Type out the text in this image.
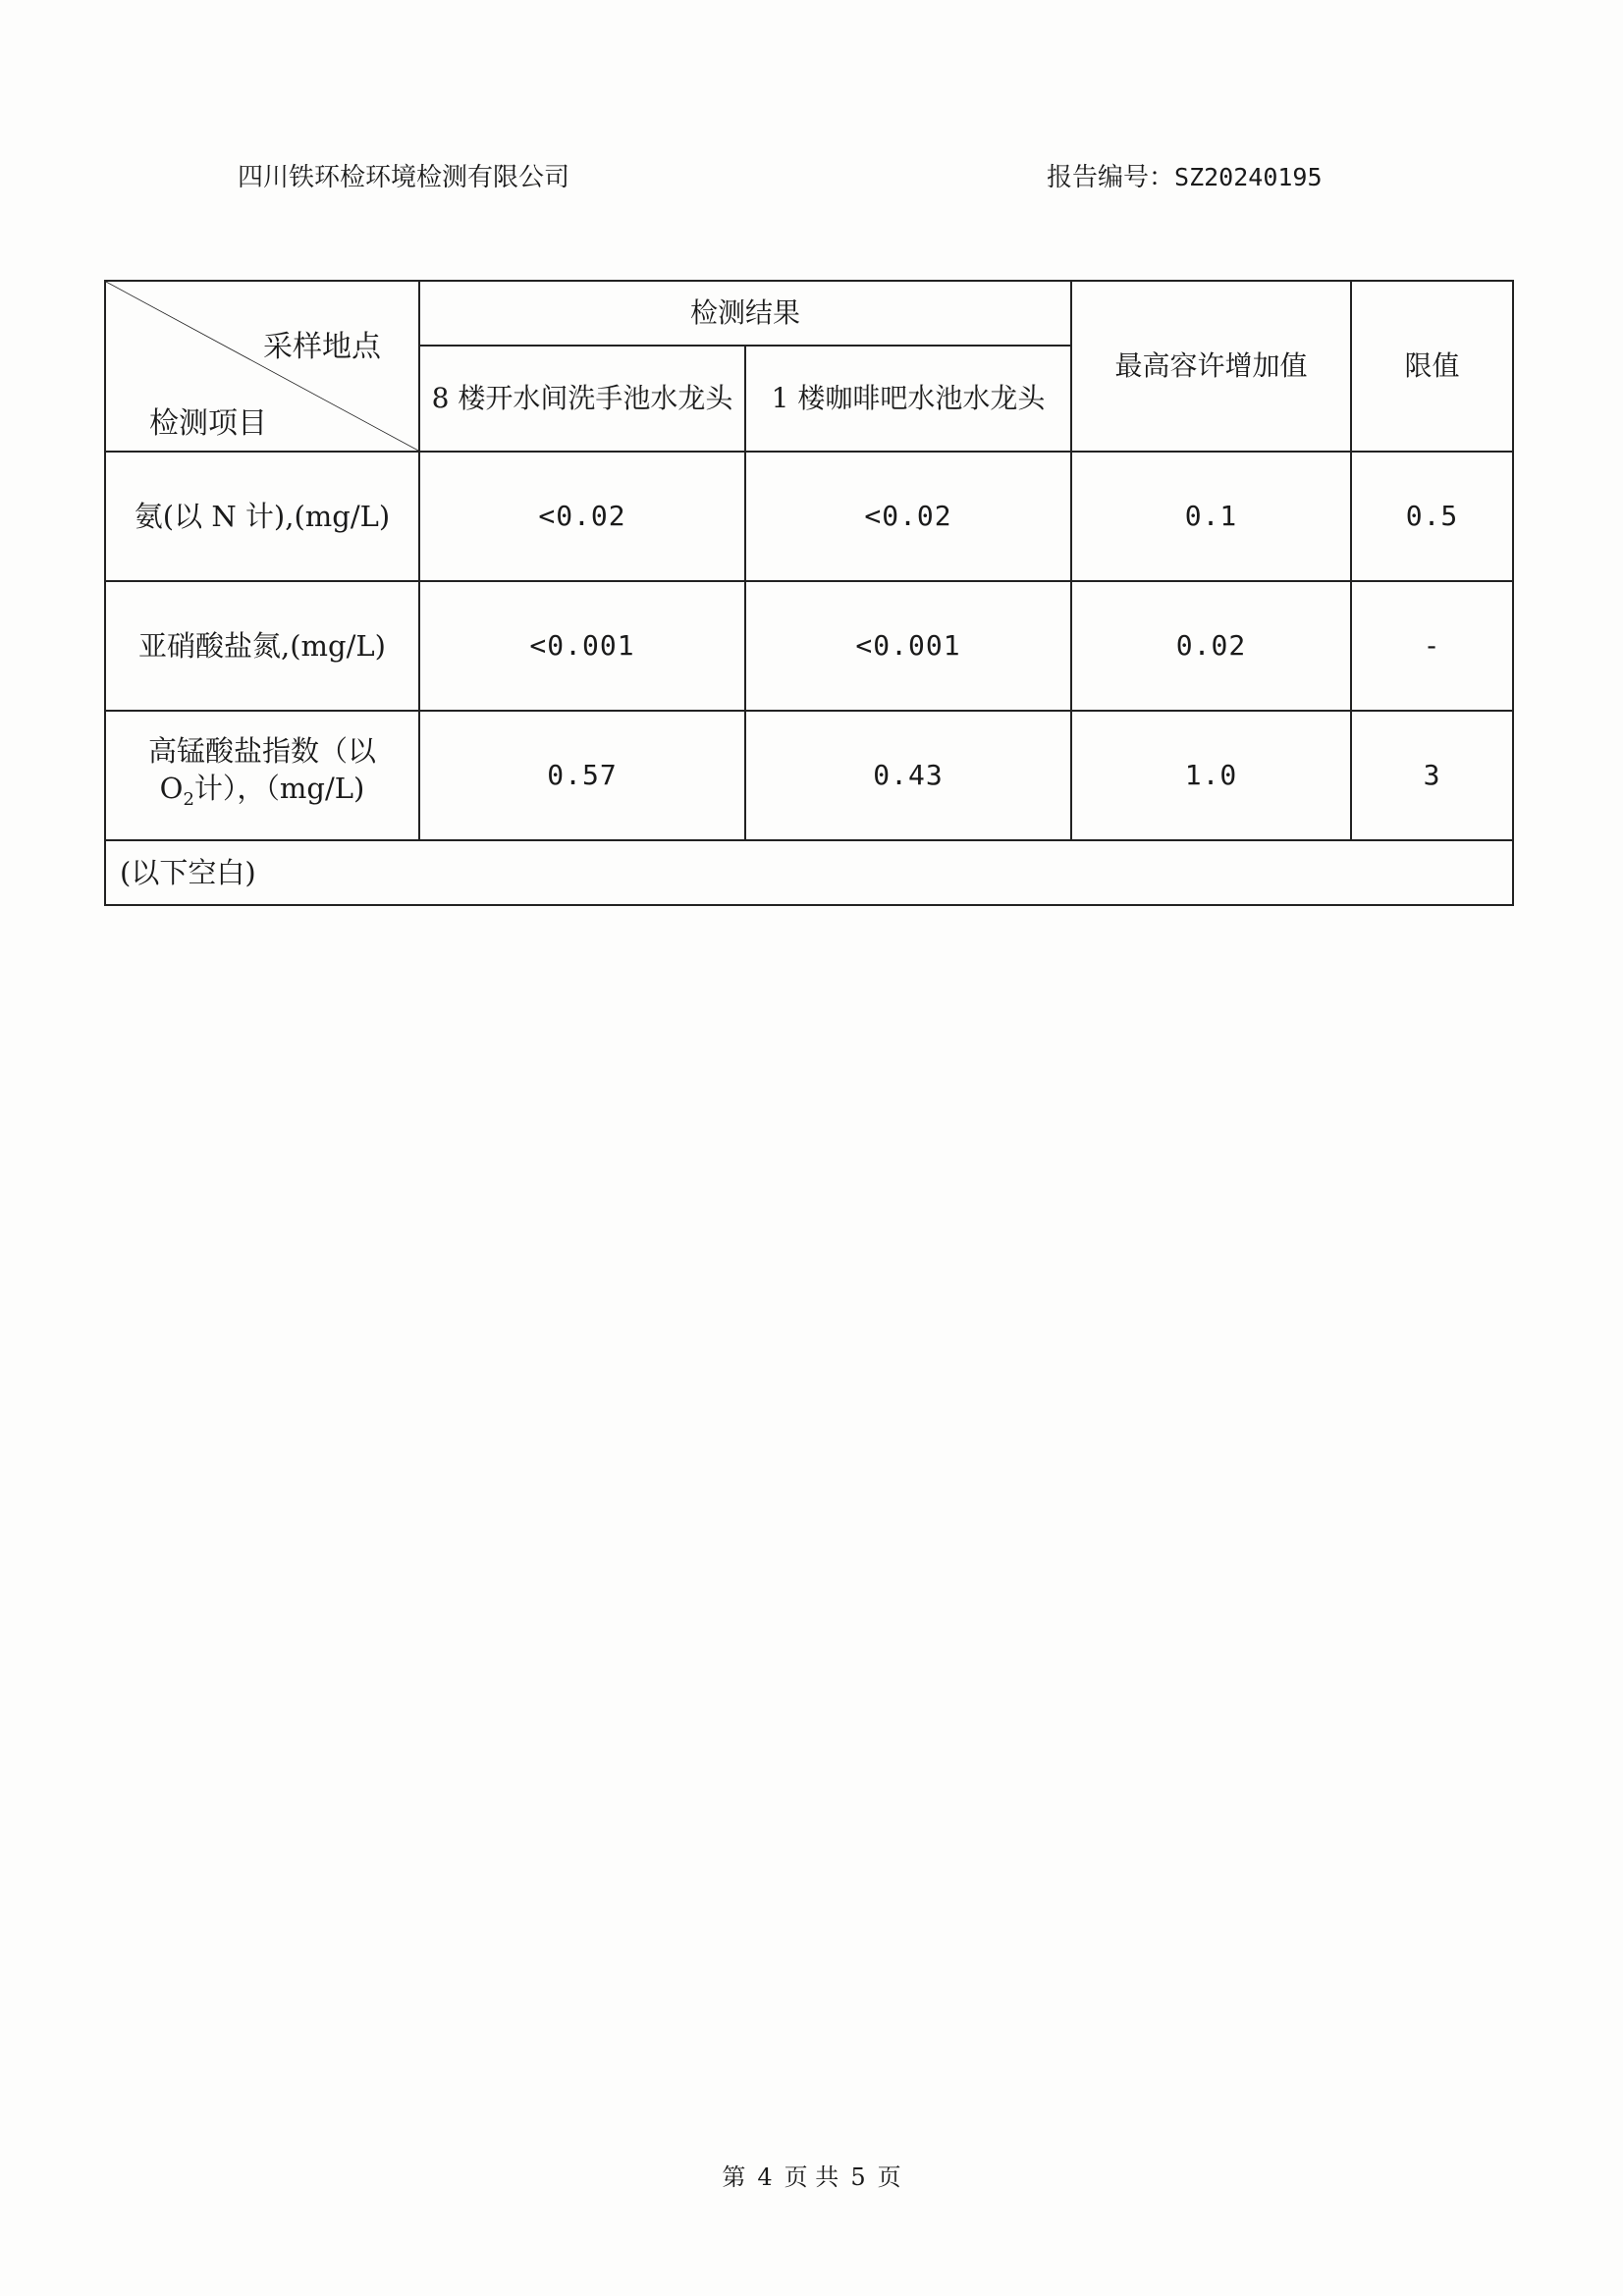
四川铁环检环境检测有限公司	报告编号：SZ20240195
采样地点
检测项目	检测结果		最高容许增加值	限值
	8 楼开水间洗手池水龙头	1 楼咖啡吧水池水龙头		
氨(以 N 计),(mg/L)	<0.02	<0.02	0.1	0.5
亚硝酸盐氮,(mg/L)	<0.001	<0.001	0.02	-
高锰酸盐指数（以
$O_2$计），（mg/L)	0.57	0.43	1.0	3
(以下空白)				
第 4 页 共 5 页
